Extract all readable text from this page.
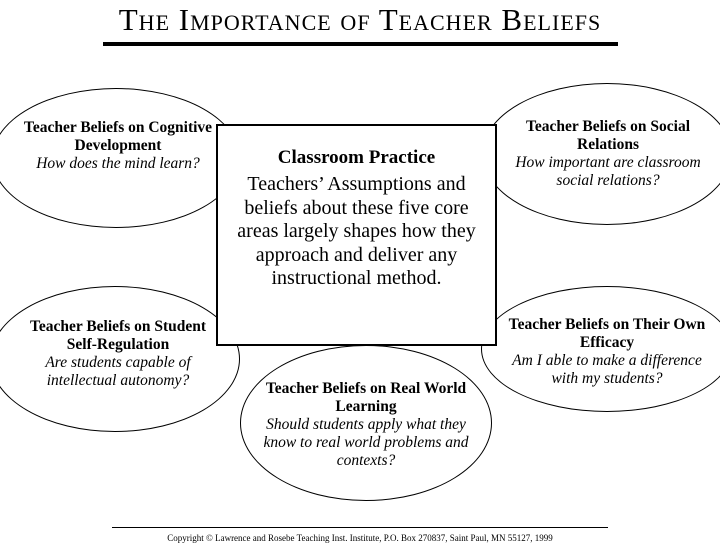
The Importance of Teacher Beliefs
Teacher Beliefs on Cognitive Development
How does the mind learn?
Teacher Beliefs on Social Relations
How important are classroom social relations?
Teacher Beliefs on Student Self-Regulation
Are students capable of intellectual autonomy?
Teacher Beliefs on Their Own Efficacy
Am I able to make a difference with my students?
Teacher Beliefs on Real World Learning
Should students apply what they know to real world problems and contexts?
Classroom Practice
Teachers’ Assumptions and beliefs about these five core areas largely shapes how they approach and deliver any instructional method.
Copyright © Lawrence and Rosebe Teaching Inst. Institute, P.O. Box 270837, Saint Paul, MN 55127, 1999
